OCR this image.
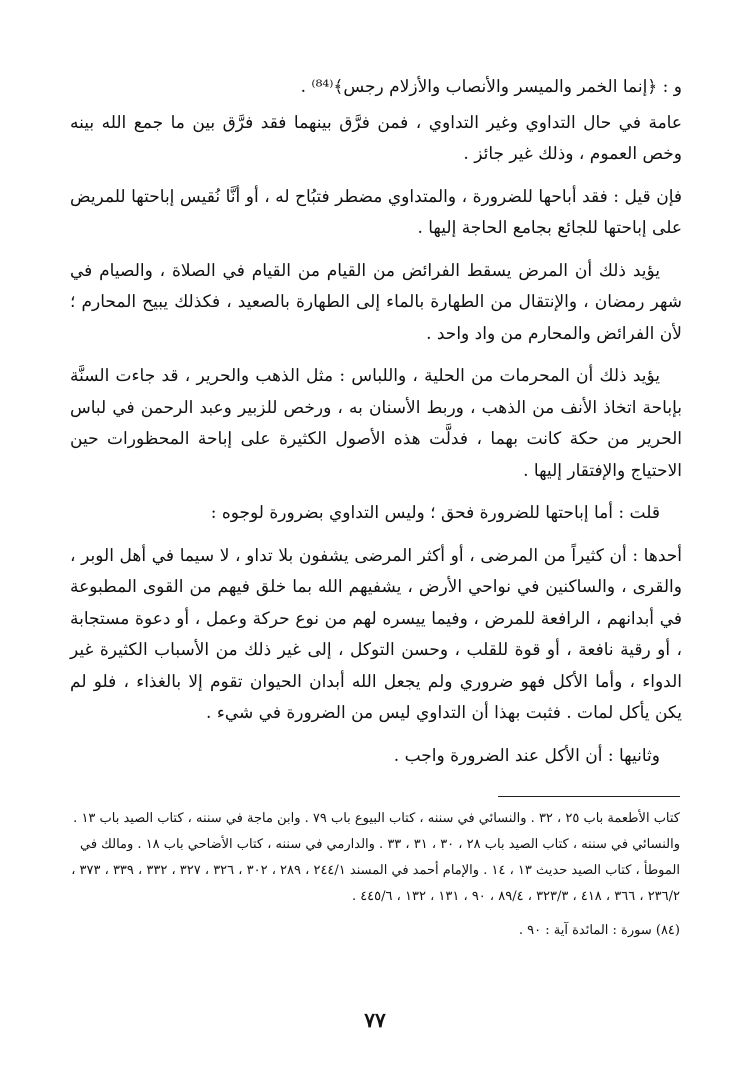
و : ﴿إنما الخمر والميسر والأنصاب والأزلام رجس﴾⁽⁸⁴⁾ .

عامة في حال التداوي وغير التداوي ، فمن فرَّق بينهما فقد فرَّق بين ما جمع الله بينه وخص العموم ، وذلك غير جائز .

فإن قيل : فقد أباحها للضرورة ، والمتداوي مضطر فتبُاح له ، أو أنَّا نُقيس إباحتها للمريض على إباحتها للجائع بجامع الحاجة إليها .

يؤيد ذلك أن المرض يسقط الفرائض من القيام من القيام في الصلاة ، والصيام في شهر رمضان ، والإنتقال من الطهارة بالماء إلى الطهارة بالصعيد ، فكذلك يبيح المحارم ؛ لأن الفرائض والمحارم من واد واحد .

يؤيد ذلك أن المحرمات من الحلية ، واللباس : مثل الذهب والحرير ، قد جاءت السنَّة بإباحة اتخاذ الأنف من الذهب ، وربط الأسنان به ، ورخص للزبير وعبد الرحمن في لباس الحرير من حكة كانت بهما ، فدلَّت هذه الأصول الكثيرة على إباحة المحظورات حين الاحتياج والإفتقار إليها .

قلت : أما إباحتها للضرورة فحق ؛ وليس التداوي بضرورة لوجوه :

أحدها : أن كثيراً من المرضى ، أو أكثر المرضى يشفون بلا تداو ، لا سيما في أهل الوبر ، والقرى ، والساكنين في نواحي الأرض ، يشفيهم الله بما خلق فيهم من القوى المطبوعة في أبدانهم ، الرافعة للمرض ، وفيما ييسره لهم من نوع حركة وعمل ، أو دعوة مستجابة ، أو رقية نافعة ، أو قوة للقلب ، وحسن التوكل ، إلى غير ذلك من الأسباب الكثيرة غير الدواء ، وأما الأكل فهو ضروري ولم يجعل الله أبدان الحيوان تقوم إلا بالغذاء ، فلو لم يكن يأكل لمات . فثبت بهذا أن التداوي ليس من الضرورة في شيء .

وثانيها : أن الأكل عند الضرورة واجب .

كتاب الأطعمة باب ٢٥ ، ٣٢ . والنسائي في سننه ، كتاب البيوع باب ٧٩ . وابن ماجة في سننه ، كتاب الصيد باب ١٣ . والنسائي في سننه ، كتاب الصيد باب ٢٨ ، ٣٠ ، ٣١ ، ٣٣ . والدارمي في سننه ، كتاب الأضاحي باب ١٨ . ومالك في الموطأ ، كتاب الصيد حديث ١٣ ، ١٤ . والإمام أحمد في المسند ٢٤٤/١ ، ٢٨٩ ، ٣٠٢ ، ٣٢٦ ، ٣٢٧ ، ٣٣٢ ، ٣٣٩ ، ٣٧٣ ، ٢٣٦/٢ ، ٣٦٦ ، ٤١٨ ، ٣٢٣/٣ ، ٨٩/٤ ، ٩٠ ، ١٣١ ، ١٣٢ ، ٤٤٥/٦ .

(٨٤) سورة : المائدة آية : ٩٠ .

٧٧
